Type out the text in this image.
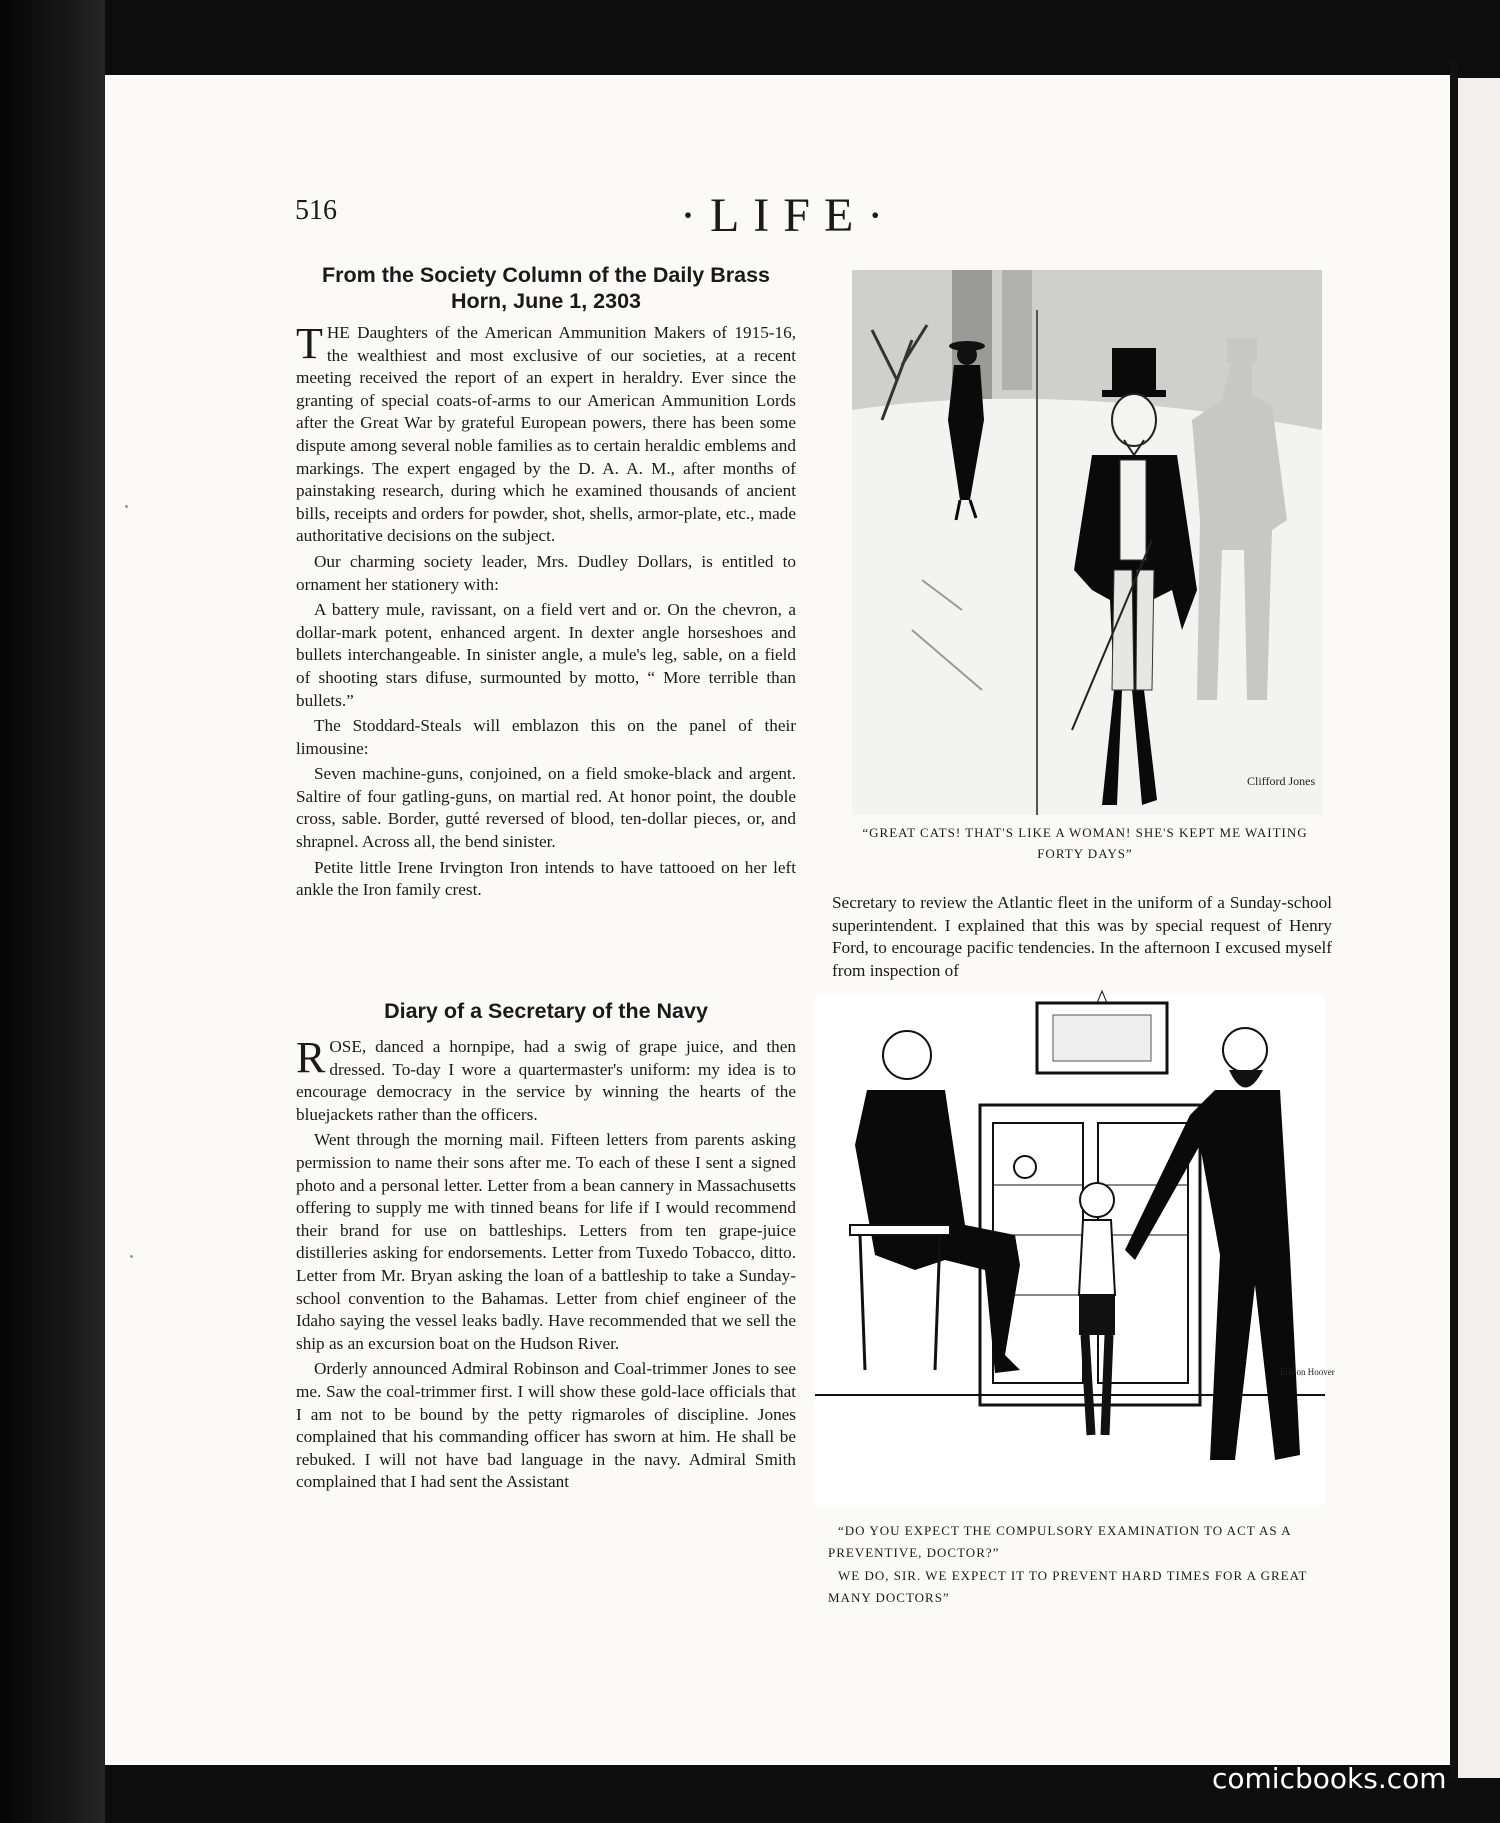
516	·LIFE·
From the Society Column of the Daily Brass Horn, June 1, 2303

THE Daughters of the American Ammunition Makers of 1915-16, the wealthiest and most exclusive of our societies, at a recent meeting received the report of an expert in heraldry. Ever since the granting of special coats-of-arms to our American Ammunition Lords after the Great War by grateful European powers, there has been some dispute among several noble families as to certain heraldic emblems and markings. The expert engaged by the D. A. A. M., after months of painstaking research, during which he examined thousands of ancient bills, receipts and orders for powder, shot, shells, armor-plate, etc., made authoritative decisions on the subject.

Our charming society leader, Mrs. Dudley Dollars, is entitled to ornament her stationery with:

A battery mule, ravissant, on a field vert and or. On the chevron, a dollar-mark potent, enhanced argent. In dexter angle horseshoes and bullets interchangeable. In sinister angle, a mule's leg, sable, on a field of shooting stars difuse, surmounted by motto, “ More terrible than bullets.”

The Stoddard-Steals will emblazon this on the panel of their limousine:

Seven machine-guns, conjoined, on a field smoke-black and argent. Saltire of four gatling-guns, on martial red. At honor point, the double cross, sable. Border, gutté reversed of blood, ten-dollar pieces, or, and shrapnel. Across all, the bend sinister.

Petite little Irene Irvington Iron intends to have tattooed on her left ankle the Iron family crest.

Diary of a Secretary of the Navy

ROSE, danced a hornpipe, had a swig of grape juice, and then dressed. To-day I wore a quartermaster's uniform: my idea is to encourage democracy in the service by winning the hearts of the bluejackets rather than the officers.

Went through the morning mail. Fifteen letters from parents asking permission to name their sons after me. To each of these I sent a signed photo and a personal letter. Letter from a bean cannery in Massachusetts offering to supply me with tinned beans for life if I would recommend their brand for use on battleships. Letters from ten grape-juice distilleries asking for endorsements. Letter from Tuxedo Tobacco, ditto. Letter from Mr. Bryan asking the loan of a battleship to take a Sunday-school convention to the Bahamas. Letter from chief engineer of the Idaho saying the vessel leaks badly. Have recommended that we sell the ship as an excursion boat on the Hudson River.

Orderly announced Admiral Robinson and Coal-trimmer Jones to see me. Saw the coal-trimmer first. I will show these gold-lace officials that I am not to be bound by the petty rigmaroles of discipline. Jones complained that his commanding officer has sworn at him. He shall be rebuked. I will not have bad language in the navy. Admiral Smith complained that I had sent the Assistant

Clifford Jones
“GREAT CATS! THAT'S LIKE A WOMAN! SHE'S KEPT ME WAITING FORTY DAYS”

Secretary to review the Atlantic fleet in the uniform of a Sunday-school superintendent. I explained that this was by special request of Henry Ford, to encourage pacific tendencies. In the afternoon I excused myself from inspection of

Ellison Hoover
“DO YOU EXPECT THE COMPULSORY EXAMINATION TO ACT AS A PREVENTIVE, DOCTOR?”
WE DO, SIR. WE EXPECT IT TO PREVENT HARD TIMES FOR A GREAT MANY DOCTORS”
comicbooks.com
